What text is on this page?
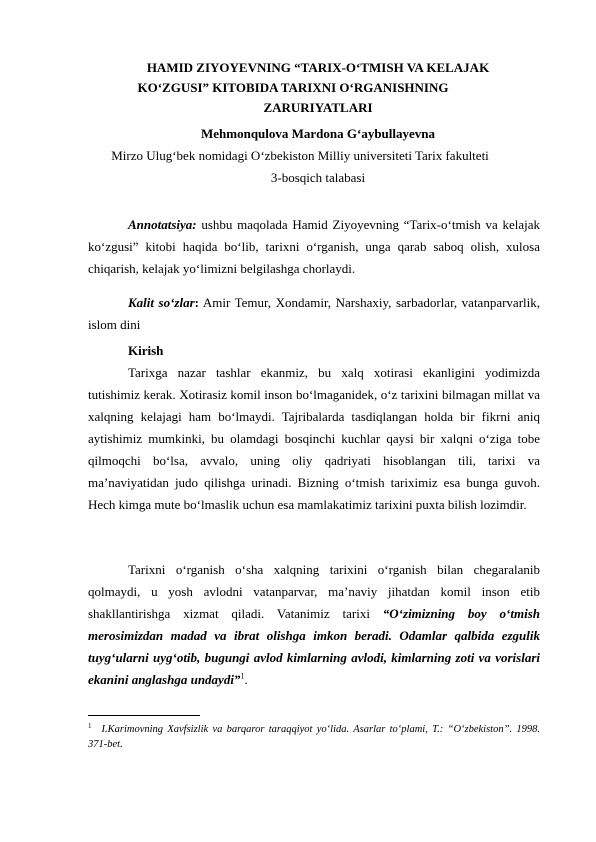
HAMID ZIYOYEVNING “TARIX-O‘TMISH VA KELAJAK
KO‘ZGUSI” KITOBIDA TARIXNI O‘RGANISHNING
ZARURIYATLARI
Mehmonqulova Mardona G‘aybullayevna
Mirzo Ulug‘bek nomidagi O‘zbekiston Milliy universiteti Tarix fakulteti
3-bosqich talabasi
Annotatsiya: ushbu maqolada Hamid Ziyoyevning “Tarix-o‘tmish va kelajak ko‘zgusi” kitobi haqida bo‘lib, tarixni o‘rganish, unga qarab saboq olish, xulosa chiqarish, kelajak yo‘limizni belgilashga chorlaydi.
Kalit so‘zlar: Amir Temur, Xondamir, Narshaxiy, sarbadorlar, vatanparvarlik, islom dini
Kirish
Tarixga nazar tashlar ekanmiz, bu xalq xotirasi ekanligini yodimizda tutishimiz kerak. Xotirasiz komil inson bo‘lmaganidek, o‘z tarixini bilmagan millat va xalqning kelajagi ham bo‘lmaydi. Tajribalarda tasdiqlangan holda bir fikrni aniq aytishimiz mumkinki, bu olamdagi bosqinchi kuchlar qaysi bir xalqni o‘ziga tobe qilmoqchi bo‘lsa, avvalo, uning oliy qadriyati hisoblangan tili, tarixi va ma’naviyatidan judo qilishga urinadi. Bizning o‘tmish tariximiz esa bunga guvoh. Hech kimga mute bo‘lmaslik uchun esa mamlakatimiz tarixini puxta bilish lozimdir.
Tarixni o‘rganish o‘sha xalqning tarixini o‘rganish bilan chegaralanib qolmaydi, u yosh avlodni vatanparvar, ma’naviy jihatdan komil inson etib shakllantirishga xizmat qiladi. Vatanimiz tarixi “O‘zimizning boy o‘tmish merosimizdan madad va ibrat olishga imkon beradi. Odamlar qalbida ezgulik tuyg‘ularni uyg‘otib, bugungi avlod kimlarning avlodi, kimlarning zoti va vorislari ekanini anglashga undaydi”$^1$.
$^1$ I.Karimovning Xavfsizlik va barqaror taraqqiyot yo‘lida. Asarlar to‘plami, T.: “O‘zbekiston”. 1998. 371-bet.
